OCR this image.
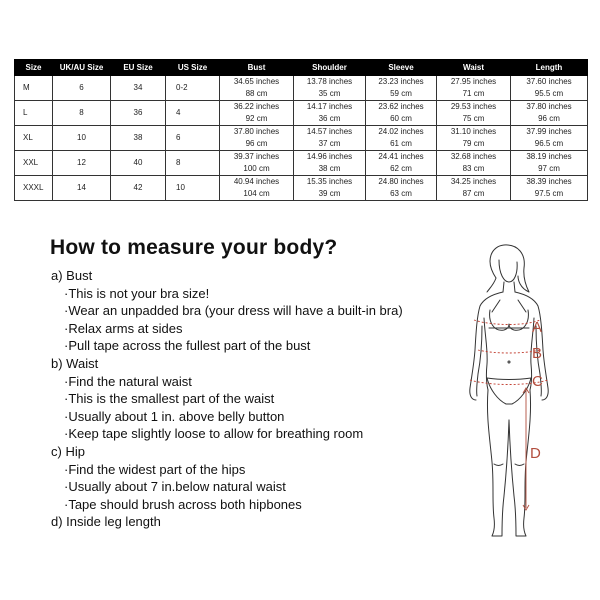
Size	UK/AU Size	EU Size	US Size	Bust	Shoulder	Sleeve	Waist	Length
M	6	34	0-2	34.65 inches	13.78 inches	23.23 inches	27.95 inches	37.60 inches
				88 cm	35 cm	59 cm	71 cm	95.5 cm
L	8	36	4	36.22 inches	14.17 inches	23.62 inches	29.53 inches	37.80 inches
				92 cm	36 cm	60 cm	75 cm	96 cm
XL	10	38	6	37.80 inches	14.57 inches	24.02 inches	31.10 inches	37.99 inches
				96 cm	37 cm	61 cm	79 cm	96.5 cm
XXL	12	40	8	39.37 inches	14.96 inches	24.41 inches	32.68 inches	38.19 inches
				100 cm	38 cm	62 cm	83 cm	97 cm
XXXL	14	42	10	40.94 inches	15.35 inches	24.80 inches	34.25 inches	38.39 inches
				104 cm	39 cm	63 cm	87 cm	97.5 cm
How to measure your body?
a) Bust
·This is not your bra size!
·Wear an unpadded bra (your dress will have a built-in bra)
·Relax arms at sides
·Pull tape across the fullest part of the bust
b) Waist
·Find the natural waist
·This is the smallest part of the waist
·Usually about 1 in. above belly button
·Keep tape slightly loose to allow for breathing room
c) Hip
·Find the widest part of the hips
·Usually about 7 in.below natural waist
·Tape should brush across both hipbones
d) Inside leg length
A
B
C
D
